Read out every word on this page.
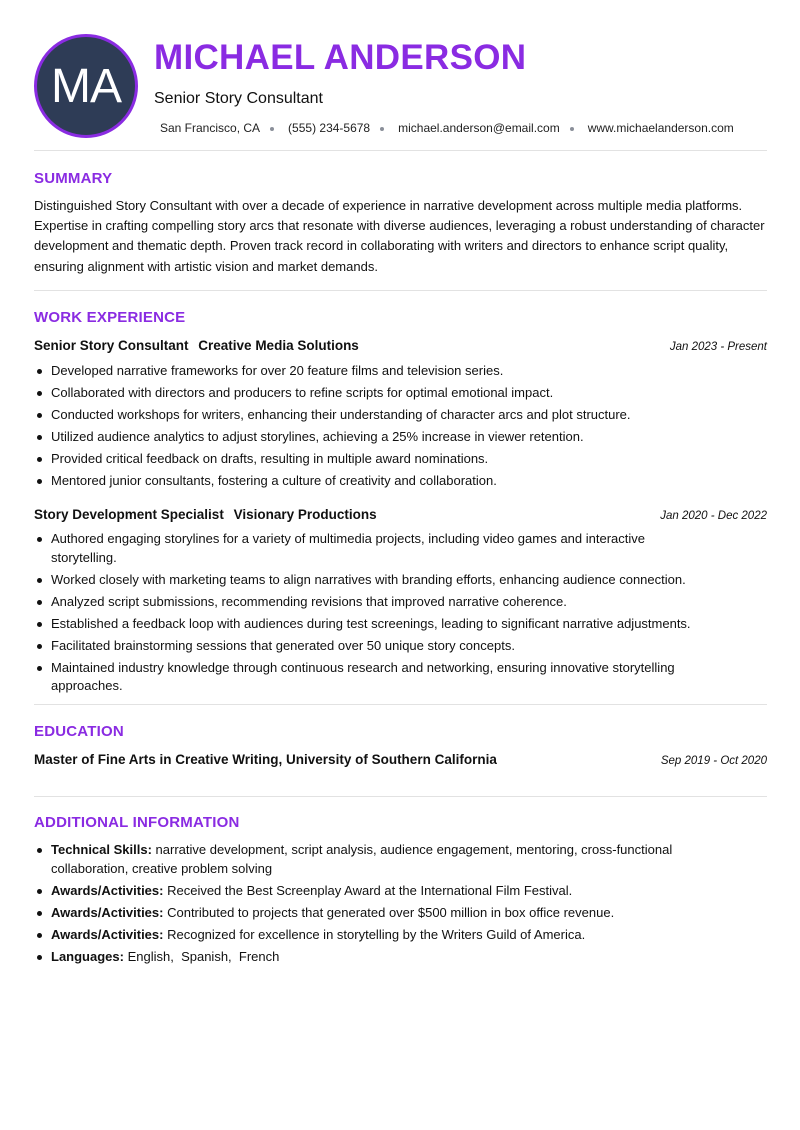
MA
MICHAEL ANDERSON
Senior Story Consultant
San Francisco, CA (555) 234-5678 michael.anderson@email.com www.michaelanderson.com
SUMMARY

Distinguished Story Consultant with over a decade of experience in narrative development across multiple media platforms. Expertise in crafting compelling story arcs that resonate with diverse audiences, leveraging a robust understanding of character development and thematic depth. Proven track record in collaborating with writers and directors to enhance script quality, ensuring alignment with artistic vision and market demands.

WORK EXPERIENCE
Senior Story Consultant Creative Media Solutions	Jan 2023 - Present
Developed narrative frameworks for over 20 feature films and television series.
Collaborated with directors and producers to refine scripts for optimal emotional impact.
Conducted workshops for writers, enhancing their understanding of character arcs and plot structure.
Utilized audience analytics to adjust storylines, achieving a 25% increase in viewer retention.
Provided critical feedback on drafts, resulting in multiple award nominations.
Mentored junior consultants, fostering a culture of creativity and collaboration.
Story Development Specialist Visionary Productions	Jan 2020 - Dec 2022
Authored engaging storylines for a variety of multimedia projects, including video games and interactive storytelling.
Worked closely with marketing teams to align narratives with branding efforts, enhancing audience connection.
Analyzed script submissions, recommending revisions that improved narrative coherence.
Established a feedback loop with audiences during test screenings, leading to significant narrative adjustments.
Facilitated brainstorming sessions that generated over 50 unique story concepts.
Maintained industry knowledge through continuous research and networking, ensuring innovative storytelling approaches.
EDUCATION
Master of Fine Arts in Creative Writing, University of Southern California	Sep 2019 - Oct 2020
ADDITIONAL INFORMATION
Technical Skills: narrative development, script analysis, audience engagement, mentoring, cross-functional collaboration, creative problem solving
Awards/Activities: Received the Best Screenplay Award at the International Film Festival.
Awards/Activities: Contributed to projects that generated over $500 million in box office revenue.
Awards/Activities: Recognized for excellence in storytelling by the Writers Guild of America.
Languages: English,  Spanish,  French
